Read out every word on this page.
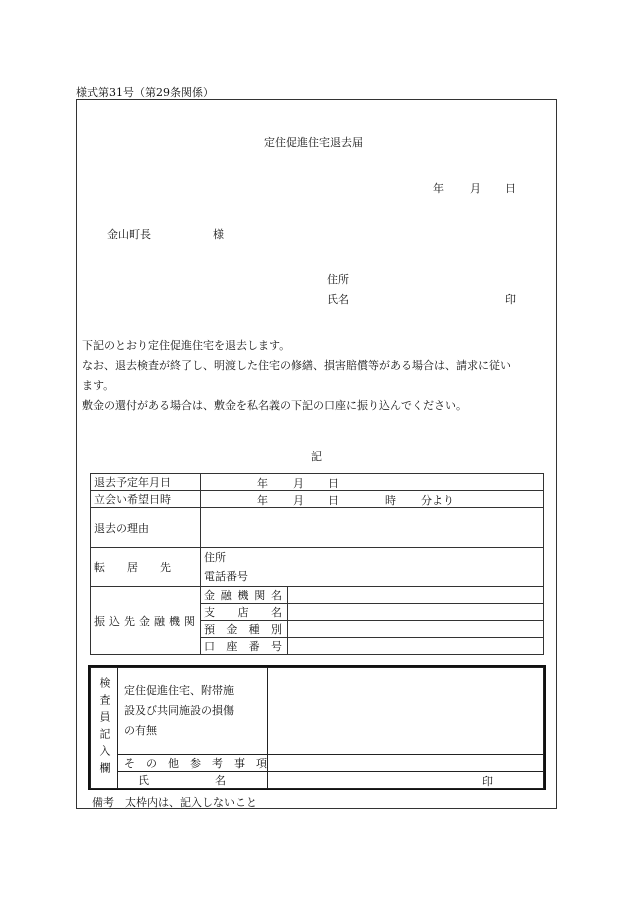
様式第31号（第29条関係）
定住促進住宅退去届
年 月 日
金山町長	様
住所
氏名	印
下記のとおり定住促進住宅を退去します。
なお、退去検査が終了し、明渡した住宅の修繕、損害賠償等がある場合は、請求に従い
ます。
敷金の還付がある場合は、敷金を私名義の下記の口座に振り込んでください。
記
退去予定年月日	年 月 日	

立会い希望日時	年 月 日 時 分より	

退去の理由		
転　　居　　先	住所
電話番号	

振込先金融機関	金融機関名	
	支　店　名	
	預　金　種　別	
	口　座　番　号	
検査員記入欄	定住促進住宅、附帯施
設及び共同施設の損傷
の有無	

	そ　の　他　参　考　事　項	
	氏　　　　　　名	印
備考　太枠内は、記入しないこと
